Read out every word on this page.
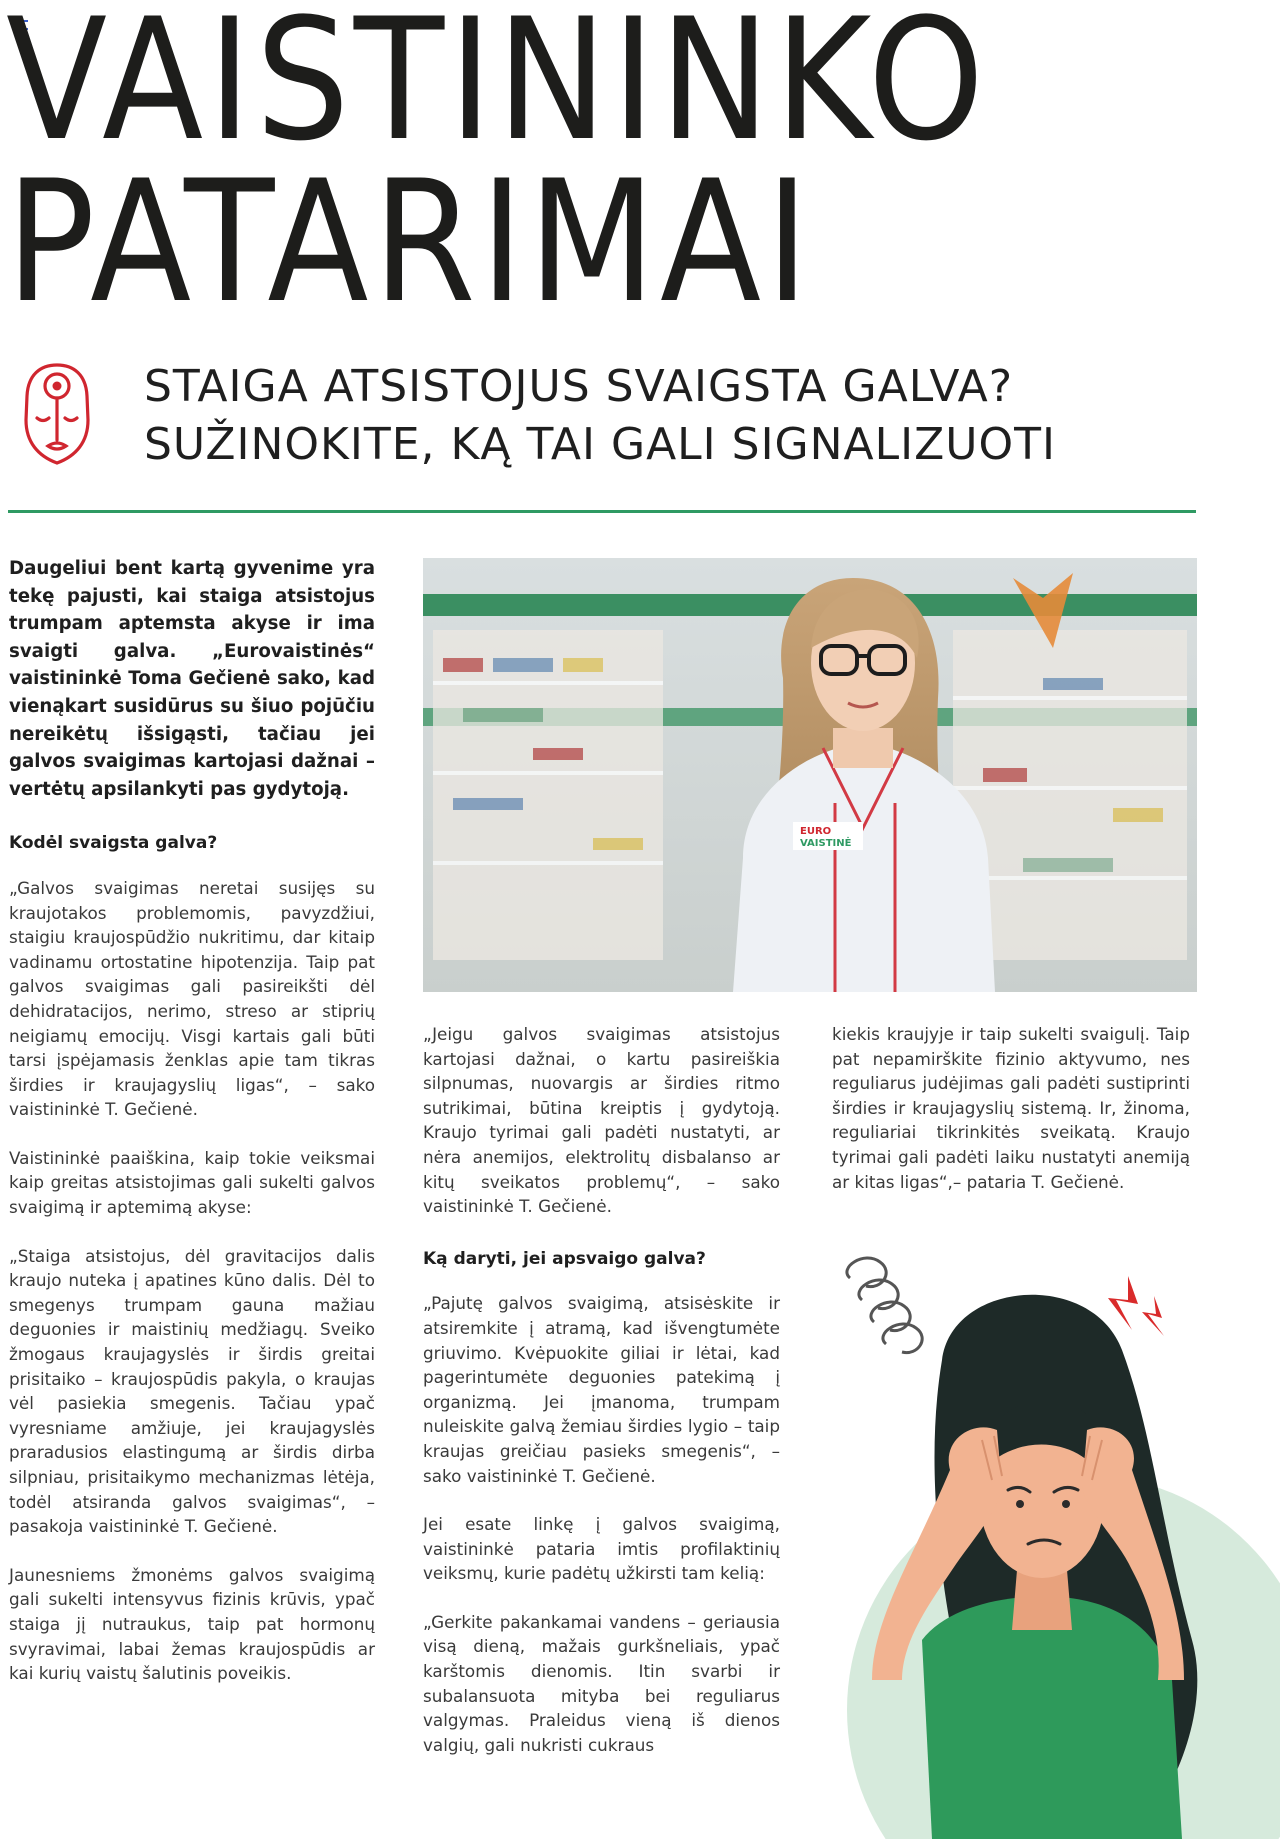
VAISTININKO
PATARIMAI
STAIGA ATSISTOJUS SVAIGSTA GALVA?
SUŽINOKITE, KĄ TAI GALI SIGNALIZUOTI

Daugeliui bent kartą gyvenime yra tekę pajusti, kai staiga atsistojus trumpam aptemsta akyse ir ima svaigti galva. „Eurovaistinės“ vaistininkė Toma Gečienė sako, kad vienąkart susidūrus su šiuo pojūčiu nereikėtų išsigąsti, tačiau jei galvos svaigimas kartojasi dažnai – vertėtų apsilankyti pas gydytoją.

Kodėl svaigsta galva?

„Galvos svaigimas neretai susijęs su kraujotakos problemomis, pavyzdžiui, staigiu kraujospūdžio nukritimu, dar kitaip vadinamu ortostatine hipotenzija. Taip pat galvos svaigimas gali pasireikšti dėl dehidratacijos, nerimo, streso ar stiprių neigiamų emocijų. Visgi kartais gali būti tarsi įspėjamasis ženklas apie tam tikras širdies ir kraujagyslių ligas“, – sako vaistininkė T. Gečienė.

Vaistininkė paaiškina, kaip tokie veiksmai kaip greitas atsistojimas gali sukelti galvos svaigimą ir aptemimą akyse:

„Staiga atsistojus, dėl gravitacijos dalis kraujo nuteka į apatines kūno dalis. Dėl to smegenys trumpam gauna mažiau deguonies ir maistinių medžiagų. Sveiko žmogaus kraujagyslės ir širdis greitai prisitaiko – kraujospūdis pakyla, o kraujas vėl pasiekia smegenis. Tačiau ypač vyresniame amžiuje, jei kraujagyslės praradusios elastingumą ar širdis dirba silpniau, prisitaikymo mechanizmas lėtėja, todėl atsiranda galvos svaigimas“, – pasakoja vaistininkė T. Gečienė.

Jaunesniems žmonėms galvos svaigimą gali sukelti intensyvus fizinis krūvis, ypač staiga jį nutraukus, taip pat hormonų svyravimai, labai žemas kraujospūdis ar kai kurių vaistų šalutinis poveikis.

EURO
VAISTINĖ

„Jeigu galvos svaigimas atsistojus kartojasi dažnai, o kartu pasireiškia silpnumas, nuovargis ar širdies ritmo sutrikimai, būtina kreiptis į gydytoją. Kraujo tyrimai gali padėti nustatyti, ar nėra anemijos, elektrolitų disbalanso ar kitų sveikatos problemų“, – sako vaistininkė T. Gečienė.

Ką daryti, jei apsvaigo galva?

„Pajutę galvos svaigimą, atsisėskite ir atsiremkite į atramą, kad išvengtumėte griuvimo. Kvėpuokite giliai ir lėtai, kad pagerintumėte deguonies patekimą į organizmą. Jei įmanoma, trumpam nuleiskite galvą žemiau širdies lygio – taip kraujas greičiau pasieks smegenis“, – sako vaistininkė T. Gečienė.

Jei esate linkę į galvos svaigimą, vaistininkė pataria imtis profilaktinių veiksmų, kurie padėtų užkirsti tam kelią:

„Gerkite pakankamai vandens – geriausia visą dieną, mažais gurkšneliais, ypač karštomis dienomis. Itin svarbi ir subalansuota mityba bei reguliarus valgymas. Praleidus vieną iš dienos valgių, gali nukristi cukraus

kiekis kraujyje ir taip sukelti svaigulį. Taip pat nepamirškite fizinio aktyvumo, nes reguliarus judėjimas gali padėti sustiprinti širdies ir kraujagyslių sistemą. Ir, žinoma, reguliariai tikrinkitės sveikatą. Kraujo tyrimai gali padėti laiku nustatyti anemiją ar kitas ligas“,– pataria T. Gečienė.
